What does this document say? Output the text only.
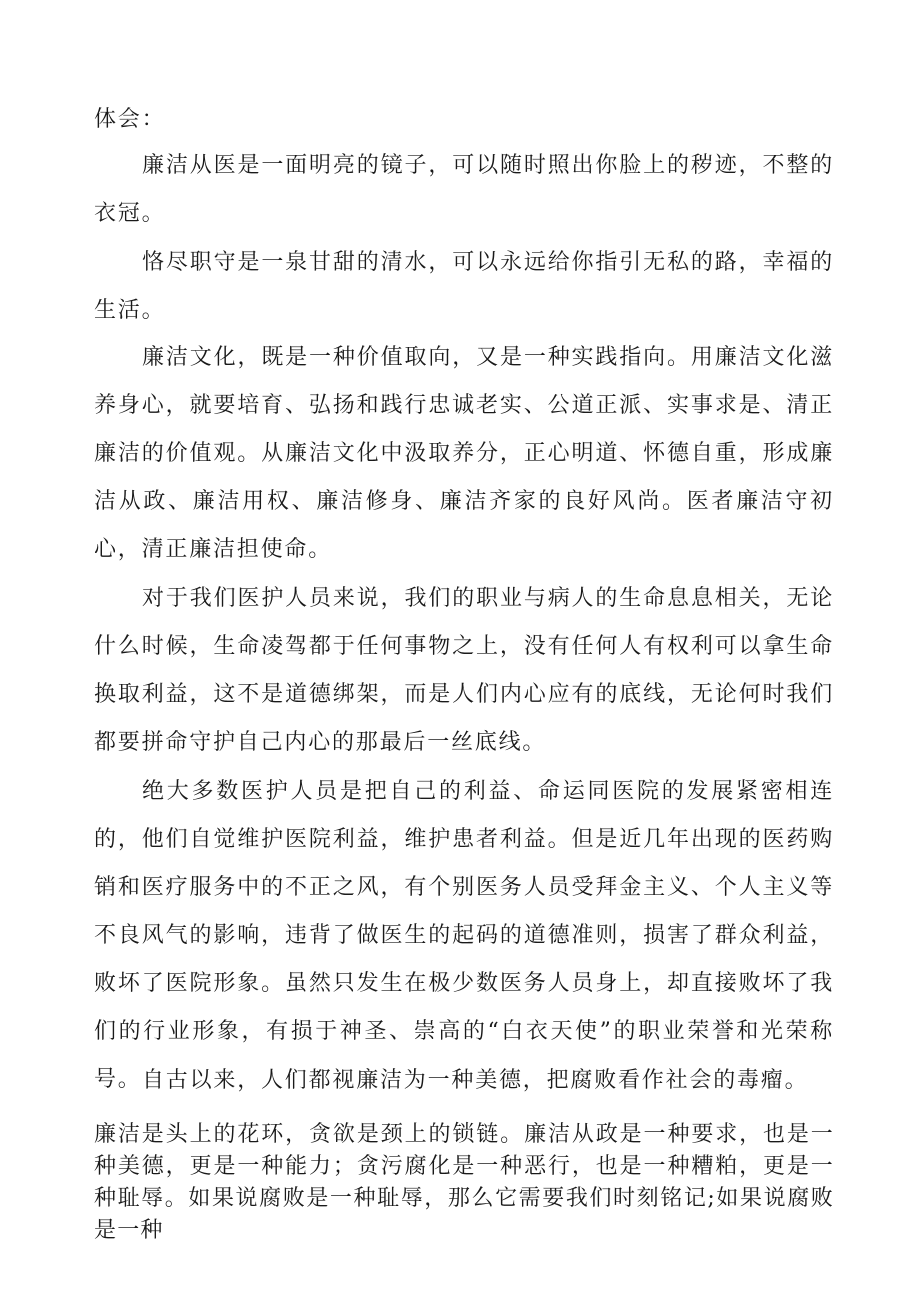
体会：

廉洁从医是一面明亮的镜子，可以随时照出你脸上的秽迹，不整的衣冠。

恪尽职守是一泉甘甜的清水，可以永远给你指引无私的路，幸福的生活。

廉洁文化，既是一种价值取向，又是一种实践指向。用廉洁文化滋养身心，就要培育、弘扬和践行忠诚老实、公道正派、实事求是、清正廉洁的价值观。从廉洁文化中汲取养分，正心明道、怀德自重，形成廉洁从政、廉洁用权、廉洁修身、廉洁齐家的良好风尚。医者廉洁守初心，清正廉洁担使命。

对于我们医护人员来说，我们的职业与病人的生命息息相关，无论什么时候，生命凌驾都于任何事物之上，没有任何人有权利可以拿生命换取利益，这不是道德绑架，而是人们内心应有的底线，无论何时我们都要拼命守护自己内心的那最后一丝底线。

绝大多数医护人员是把自己的利益、命运同医院的发展紧密相连的，他们自觉维护医院利益，维护患者利益。但是近几年出现的医药购销和医疗服务中的不正之风，有个别医务人员受拜金主义、个人主义等不良风气的影响，违背了做医生的起码的道德准则，损害了群众利益，败坏了医院形象。虽然只发生在极少数医务人员身上，却直接败坏了我们的行业形象，有损于神圣、崇高的“白衣天使”的职业荣誉和光荣称号。 自古以来，人们都视廉洁为一种美德，把腐败看作社会的毒瘤。

廉洁是头上的花环，贪欲是颈上的锁链。廉洁从政是一种要求，也是一种美德，更是一种能力；贪污腐化是一种恶行，也是一种糟粕，更是一种耻辱。如果说腐败是一种耻辱，那么它需要我们时刻铭记;如果说腐败是一种
